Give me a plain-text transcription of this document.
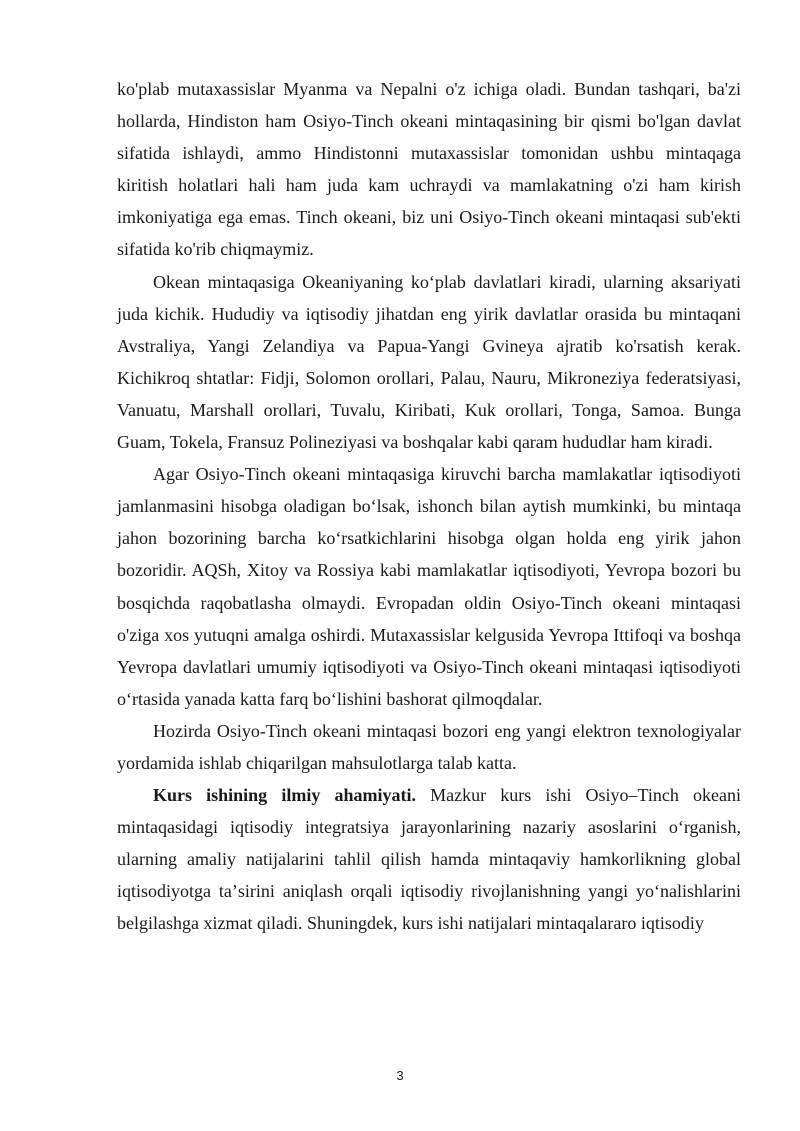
ko'plab mutaxassislar Myanma va Nepalni o'z ichiga oladi. Bundan tashqari, ba'zi hollarda, Hindiston ham Osiyo-Tinch okeani mintaqasining bir qismi bo'lgan davlat sifatida ishlaydi, ammo Hindistonni mutaxassislar tomonidan ushbu mintaqaga kiritish holatlari hali ham juda kam uchraydi va mamlakatning o'zi ham kirish imkoniyatiga ega emas. Tinch okeani, biz uni Osiyo-Tinch okeani mintaqasi sub'ekti sifatida ko'rib chiqmaymiz.

Okean mintaqasiga Okeaniyaning koʻplab davlatlari kiradi, ularning aksariyati juda kichik. Hududiy va iqtisodiy jihatdan eng yirik davlatlar orasida bu mintaqani Avstraliya, Yangi Zelandiya va Papua-Yangi Gvineya ajratib ko'rsatish kerak. Kichikroq shtatlar: Fidji, Solomon orollari, Palau, Nauru, Mikroneziya federatsiyasi, Vanuatu, Marshall orollari, Tuvalu, Kiribati, Kuk orollari, Tonga, Samoa. Bunga Guam, Tokela, Fransuz Polineziyasi va boshqalar kabi qaram hududlar ham kiradi.

Agar Osiyo-Tinch okeani mintaqasiga kiruvchi barcha mamlakatlar iqtisodiyoti jamlanmasini hisobga oladigan boʻlsak, ishonch bilan aytish mumkinki, bu mintaqa jahon bozorining barcha koʻrsatkichlarini hisobga olgan holda eng yirik jahon bozoridir. AQSh, Xitoy va Rossiya kabi mamlakatlar iqtisodiyoti, Yevropa bozori bu bosqichda raqobatlasha olmaydi. Evropadan oldin Osiyo-Tinch okeani mintaqasi o'ziga xos yutuqni amalga oshirdi. Mutaxassislar kelgusida Yevropa Ittifoqi va boshqa Yevropa davlatlari umumiy iqtisodiyoti va Osiyo-Tinch okeani mintaqasi iqtisodiyoti oʻrtasida yanada katta farq boʻlishini bashorat qilmoqdalar.

Hozirda Osiyo-Tinch okeani mintaqasi bozori eng yangi elektron texnologiyalar yordamida ishlab chiqarilgan mahsulotlarga talab katta.

Kurs ishining ilmiy ahamiyati. Mazkur kurs ishi Osiyo–Tinch okeani mintaqasidagi iqtisodiy integratsiya jarayonlarining nazariy asoslarini oʻrganish, ularning amaliy natijalarini tahlil qilish hamda mintaqaviy hamkorlikning global iqtisodiyotga taʼsirini aniqlash orqali iqtisodiy rivojlanishning yangi yoʻnalishlarini belgilashga xizmat qiladi. Shuningdek, kurs ishi natijalari mintaqalararo iqtisodiy

3
